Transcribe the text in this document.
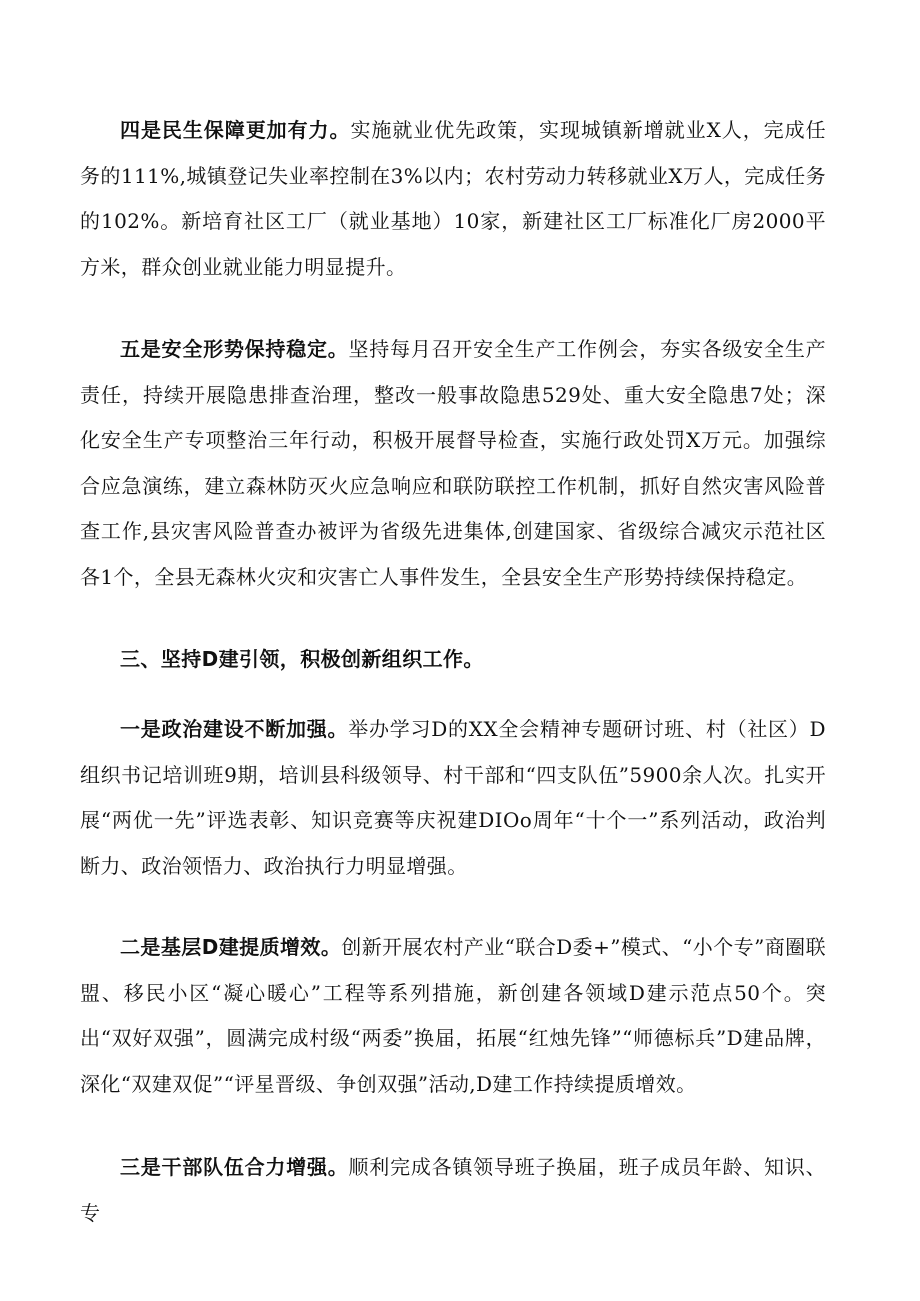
四是民生保障更加有力。实施就业优先政策，实现城镇新增就业X人，完成任务的111%,城镇登记失业率控制在3%以内；农村劳动力转移就业X万人，完成任务的102%。新培育社区工厂（就业基地）10家，新建社区工厂标准化厂房2000平方米，群众创业就业能力明显提升。

五是安全形势保持稳定。坚持每月召开安全生产工作例会，夯实各级安全生产责任，持续开展隐患排查治理，整改一般事故隐患529处、重大安全隐患7处；深化安全生产专项整治三年行动，积极开展督导检查，实施行政处罚X万元。加强综合应急演练，建立森林防灭火应急响应和联防联控工作机制，抓好自然灾害风险普查工作,县灾害风险普查办被评为省级先进集体,创建国家、省级综合减灾示范社区各1个，全县无森林火灾和灾害亡人事件发生，全县安全生产形势持续保持稳定。

三、坚持D建引领，积极创新组织工作。

一是政治建设不断加强。举办学习D的XX全会精神专题研讨班、村（社区）D组织书记培训班9期，培训县科级领导、村干部和“四支队伍”5900余人次。扎实开展“两优一先”评选表彰、知识竞赛等庆祝建DIOo周年“十个一”系列活动，政治判断力、政治领悟力、政治执行力明显增强。

二是基层D建提质增效。创新开展农村产业“联合D委+”模式、“小个专”商圈联盟、移民小区“凝心暖心”工程等系列措施，新创建各领域D建示范点50个。突出“双好双强”，圆满完成村级“两委”换届，拓展“红烛先锋”“师德标兵”D建品牌，深化“双建双促”“评星晋级、争创双强”活动,D建工作持续提质增效。

三是干部队伍合力增强。顺利完成各镇领导班子换届，班子成员年龄、知识、专
